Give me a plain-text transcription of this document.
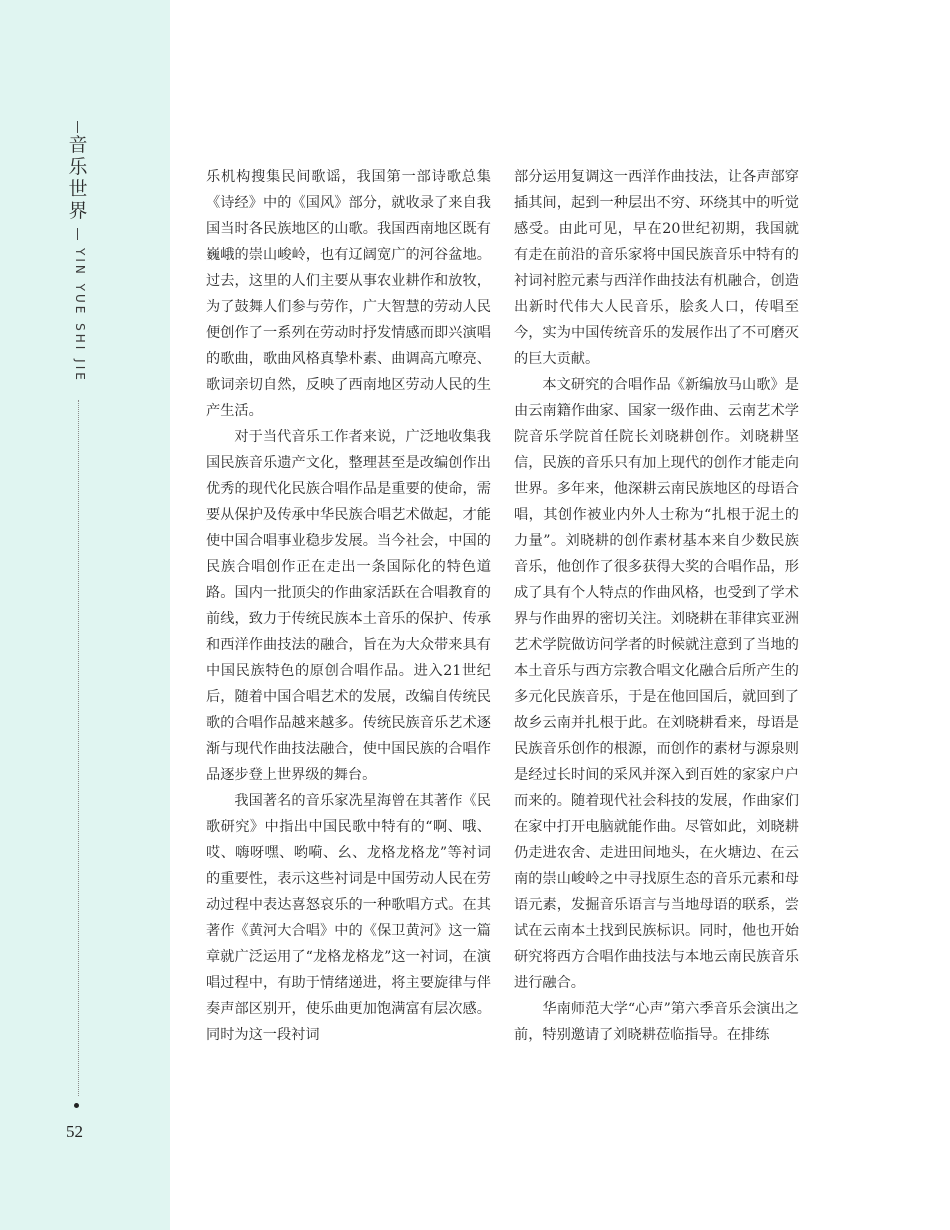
音
乐
世
界
YIN YUE SHI JIE
52

乐机构搜集民间歌谣，我国第一部诗歌总集《诗经》中的《国风》部分，就收录了来自我国当时各民族地区的山歌。我国西南地区既有巍峨的崇山峻岭，也有辽阔宽广的河谷盆地。过去，这里的人们主要从事农业耕作和放牧，为了鼓舞人们参与劳作，广大智慧的劳动人民便创作了一系列在劳动时抒发情感而即兴演唱的歌曲，歌曲风格真挚朴素、曲调高亢嘹亮、歌词亲切自然，反映了西南地区劳动人民的生产生活。

对于当代音乐工作者来说，广泛地收集我国民族音乐遗产文化，整理甚至是改编创作出优秀的现代化民族合唱作品是重要的使命，需要从保护及传承中华民族合唱艺术做起，才能使中国合唱事业稳步发展。当今社会，中国的民族合唱创作正在走出一条国际化的特色道路。国内一批顶尖的作曲家活跃在合唱教育的前线，致力于传统民族本土音乐的保护、传承和西洋作曲技法的融合，旨在为大众带来具有中国民族特色的原创合唱作品。进入21世纪后，随着中国合唱艺术的发展，改编自传统民歌的合唱作品越来越多。传统民族音乐艺术逐渐与现代作曲技法融合，使中国民族的合唱作品逐步登上世界级的舞台。

我国著名的音乐家冼星海曾在其著作《民歌研究》中指出中国民歌中特有的“啊、哦、哎、嗨呀嘿、哟嗬、幺、龙格龙格龙”等衬词的重要性，表示这些衬词是中国劳动人民在劳动过程中表达喜怒哀乐的一种歌唱方式。在其著作《黄河大合唱》中的《保卫黄河》这一篇章就广泛运用了“龙格龙格龙”这一衬词，在演唱过程中，有助于情绪递进，将主要旋律与伴奏声部区别开，使乐曲更加饱满富有层次感。同时为这一段衬词

部分运用复调这一西洋作曲技法，让各声部穿插其间，起到一种层出不穷、环绕其中的听觉感受。由此可见，早在20世纪初期，我国就有走在前沿的音乐家将中国民族音乐中特有的衬词衬腔元素与西洋作曲技法有机融合，创造出新时代伟大人民音乐，脍炙人口，传唱至今，实为中国传统音乐的发展作出了不可磨灭的巨大贡献。

本文研究的合唱作品《新编放马山歌》是由云南籍作曲家、国家一级作曲、云南艺术学院音乐学院首任院长刘晓耕创作。刘晓耕坚信，民族的音乐只有加上现代的创作才能走向世界。多年来，他深耕云南民族地区的母语合唱，其创作被业内外人士称为“扎根于泥土的力量”。刘晓耕的创作素材基本来自少数民族音乐，他创作了很多获得大奖的合唱作品，形成了具有个人特点的作曲风格，也受到了学术界与作曲界的密切关注。刘晓耕在菲律宾亚洲艺术学院做访问学者的时候就注意到了当地的本土音乐与西方宗教合唱文化融合后所产生的多元化民族音乐，于是在他回国后，就回到了故乡云南并扎根于此。在刘晓耕看来，母语是民族音乐创作的根源，而创作的素材与源泉则是经过长时间的采风并深入到百姓的家家户户而来的。随着现代社会科技的发展，作曲家们在家中打开电脑就能作曲。尽管如此，刘晓耕仍走进农舍、走进田间地头，在火塘边、在云南的崇山峻岭之中寻找原生态的音乐元素和母语元素，发掘音乐语言与当地母语的联系，尝试在云南本土找到民族标识。同时，他也开始研究将西方合唱作曲技法与本地云南民族音乐进行融合。

华南师范大学“心声”第六季音乐会演出之前，特别邀请了刘晓耕莅临指导。在排练
